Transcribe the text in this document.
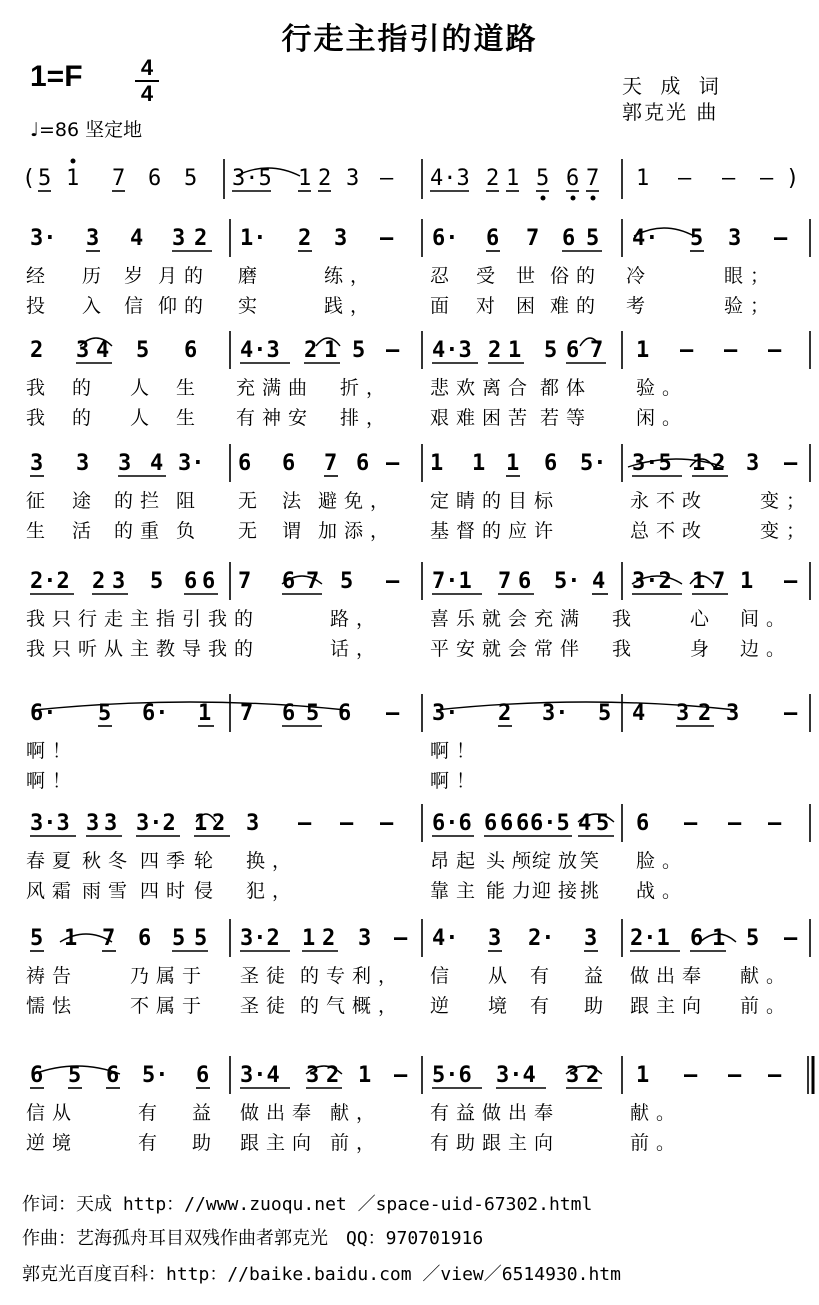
行走主指引的道路
1=F	4
4
♩=86 坚定地
天 成 词
郭克光 曲
( 5 1 7 6 5 3·5 1 2 3 – 4·3 2 1 5 6 7 1 – – – )
3· 3 4 3 2 1· 2 3 – 6· 6 7 6 5 4· 5 3 –
经 历 岁 月的 磨	练，	忍 受 世 俗的 冷	眼；
投 入 信 仰的 实	践，	面 对 困 难的 考	验；
2 3 4 5 6 4·3 2 1 5 – 4·3 2 1 5 6 7 1 – – –
我 的 人 生 充满曲 折， 悲欢离合 都体 验。
我 的 人 生 有神安 排， 艰难困苦 若等 闲。
3 3 3 4 3· 6 6 7 6 – 1 1 1 6 5· 3·5 1 2 3 –
征 途 的拦 阻 无 法 避免， 定睛的目标	永不改	变；
生 活 的重 负 无 谓 加添， 基督的应许	总不改	变；
2·2 2 3 5 6 6 7 6 7 5 – 7·1 7 6 5· 4 3·2 1 7 1 –
我只行走主指引我的	路，	喜乐就会充满 我	心 间。
我只听从主教导我的	话，	平安就会常伴 我	身 边。
6· 5 6· 1 7 6 5 6 – 3· 2 3· 5 4 3 2 3 –
啊！	啊！
啊！	啊！
3·3 3 3 3·2 1 2 3 – – – 6·6 6 6 6 6·5 4 5 6 – – –
春夏 秋冬 四季 轮 换，	昂起 头颅
绽放
笑 脸。
风霜 雨雪 四时 侵 犯，	靠主 能力
迎接
挑 战。
5 1 7 6 5 5 3·2 1 2 3 – 4· 3 2· 3 2·1 6 1 5 –
祷告	乃属于 圣徒 的专利， 信 从 有 益 做出奉 献。
懦怯	不属于 圣徒 的气概， 逆 境 有 助 跟主向 前。
6 5 6 5· 6 3·4 3 2 1 – 5·6 3·4 3 2 1 – – –
信从	有 益 做出奉 献，	有益做出奉	献。
逆境	有 助 跟主向 前，	有助跟主向	前。
作词：天成 http：//www.zuoqu.net ／space-uid-67302.html
作曲：艺海孤舟耳目双残作曲者郭克光　QQ：970701916
郭克光百度百科：http：//baike.baidu.com ／view／6514930.htm
